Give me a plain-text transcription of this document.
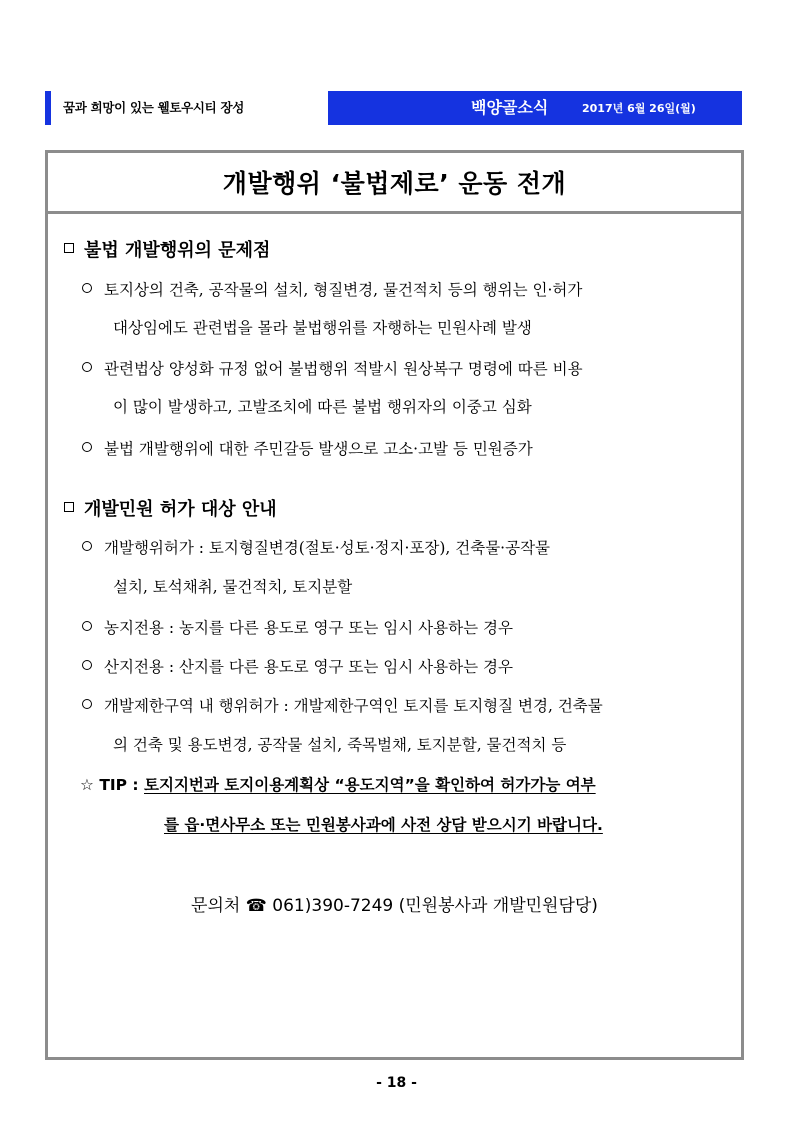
꿈과 희망이 있는 웰토우시티 장성	백양골소식	2017년 6월 26일(월)
개발행위 ‘불법제로’ 운동 전개
불법 개발행위의 문제점
토지상의 건축, 공작물의 설치, 형질변경, 물건적치 등의 행위는 인·허가
대상임에도 관련법을 몰라 불법행위를 자행하는 민원사례 발생
관련법상 양성화 규정 없어 불법행위 적발시 원상복구 명령에 따른 비용
이 많이 발생하고, 고발조치에 따른 불법 행위자의 이중고 심화
불법 개발행위에 대한 주민갈등 발생으로 고소·고발 등 민원증가
개발민원 허가 대상 안내
개발행위허가 : 토지형질변경(절토·성토·정지·포장), 건축물·공작물
설치, 토석채취, 물건적치, 토지분할
농지전용 : 농지를 다른 용도로 영구 또는 임시 사용하는 경우
산지전용 : 산지를 다른 용도로 영구 또는 임시 사용하는 경우
개발제한구역 내 행위허가 : 개발제한구역인 토지를 토지형질 변경, 건축물
의 건축 및 용도변경, 공작물 설치, 죽목벌채, 토지분할, 물건적치 등
☆ TIP : 토지지번과 토지이용계획상 “용도지역”을 확인하여 허가가능 여부
를 읍·면사무소 또는 민원봉사과에 사전 상담 받으시기 바랍니다.
문의처 ☎ 061)390-7249 (민원봉사과 개발민원담당)
- 18 -
